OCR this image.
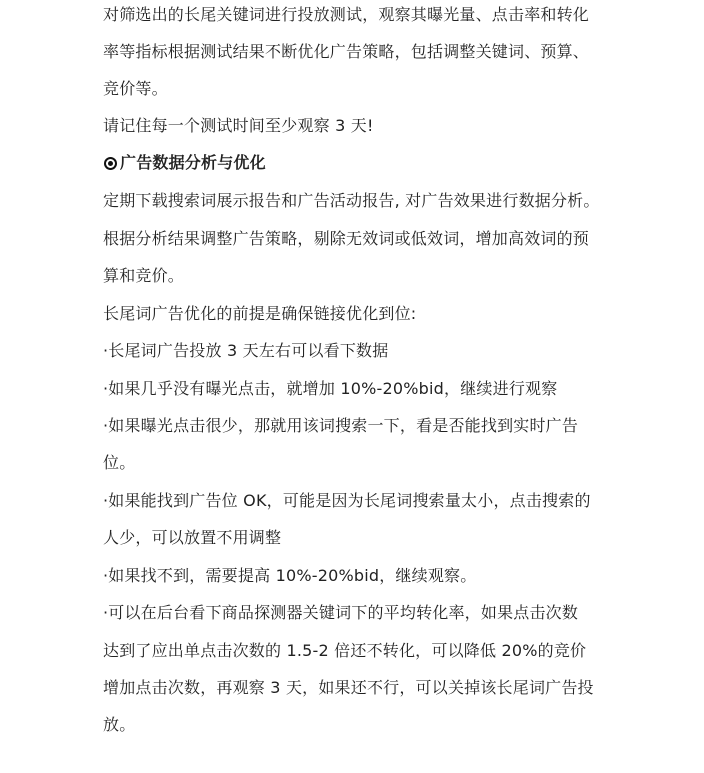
对筛选出的长尾关键词进行投放测试，观察其曝光量、点击率和转化
率等指标根据测试结果不断优化广告策略，包括调整关键词、预算、
竞价等。
请记住每一个测试时间至少观察 3 天!
广告数据分析与优化
定期下载搜索词展示报告和广告活动报告, 对广告效果进行数据分析。
根据分析结果调整广告策略，剔除无效词或低效词，增加高效词的预
算和竞价。
长尾词广告优化的前提是确保链接优化到位:
·长尾词广告投放 3 天左右可以看下数据
·如果几乎没有曝光点击，就增加 10%-20%bid，继续进行观察
·如果曝光点击很少，那就用该词搜索一下，看是否能找到实时广告
位。
·如果能找到广告位 OK，可能是因为长尾词搜索量太小，点击搜索的
人少，可以放置不用调整
·如果找不到，需要提高 10%-20%bid，继续观察。
·可以在后台看下商品探测器关键词下的平均转化率，如果点击次数
达到了应出单点击次数的 1.5-2 倍还不转化，可以降低 20%的竞价
增加点击次数，再观察 3 天，如果还不行，可以关掉该长尾词广告投
放。
